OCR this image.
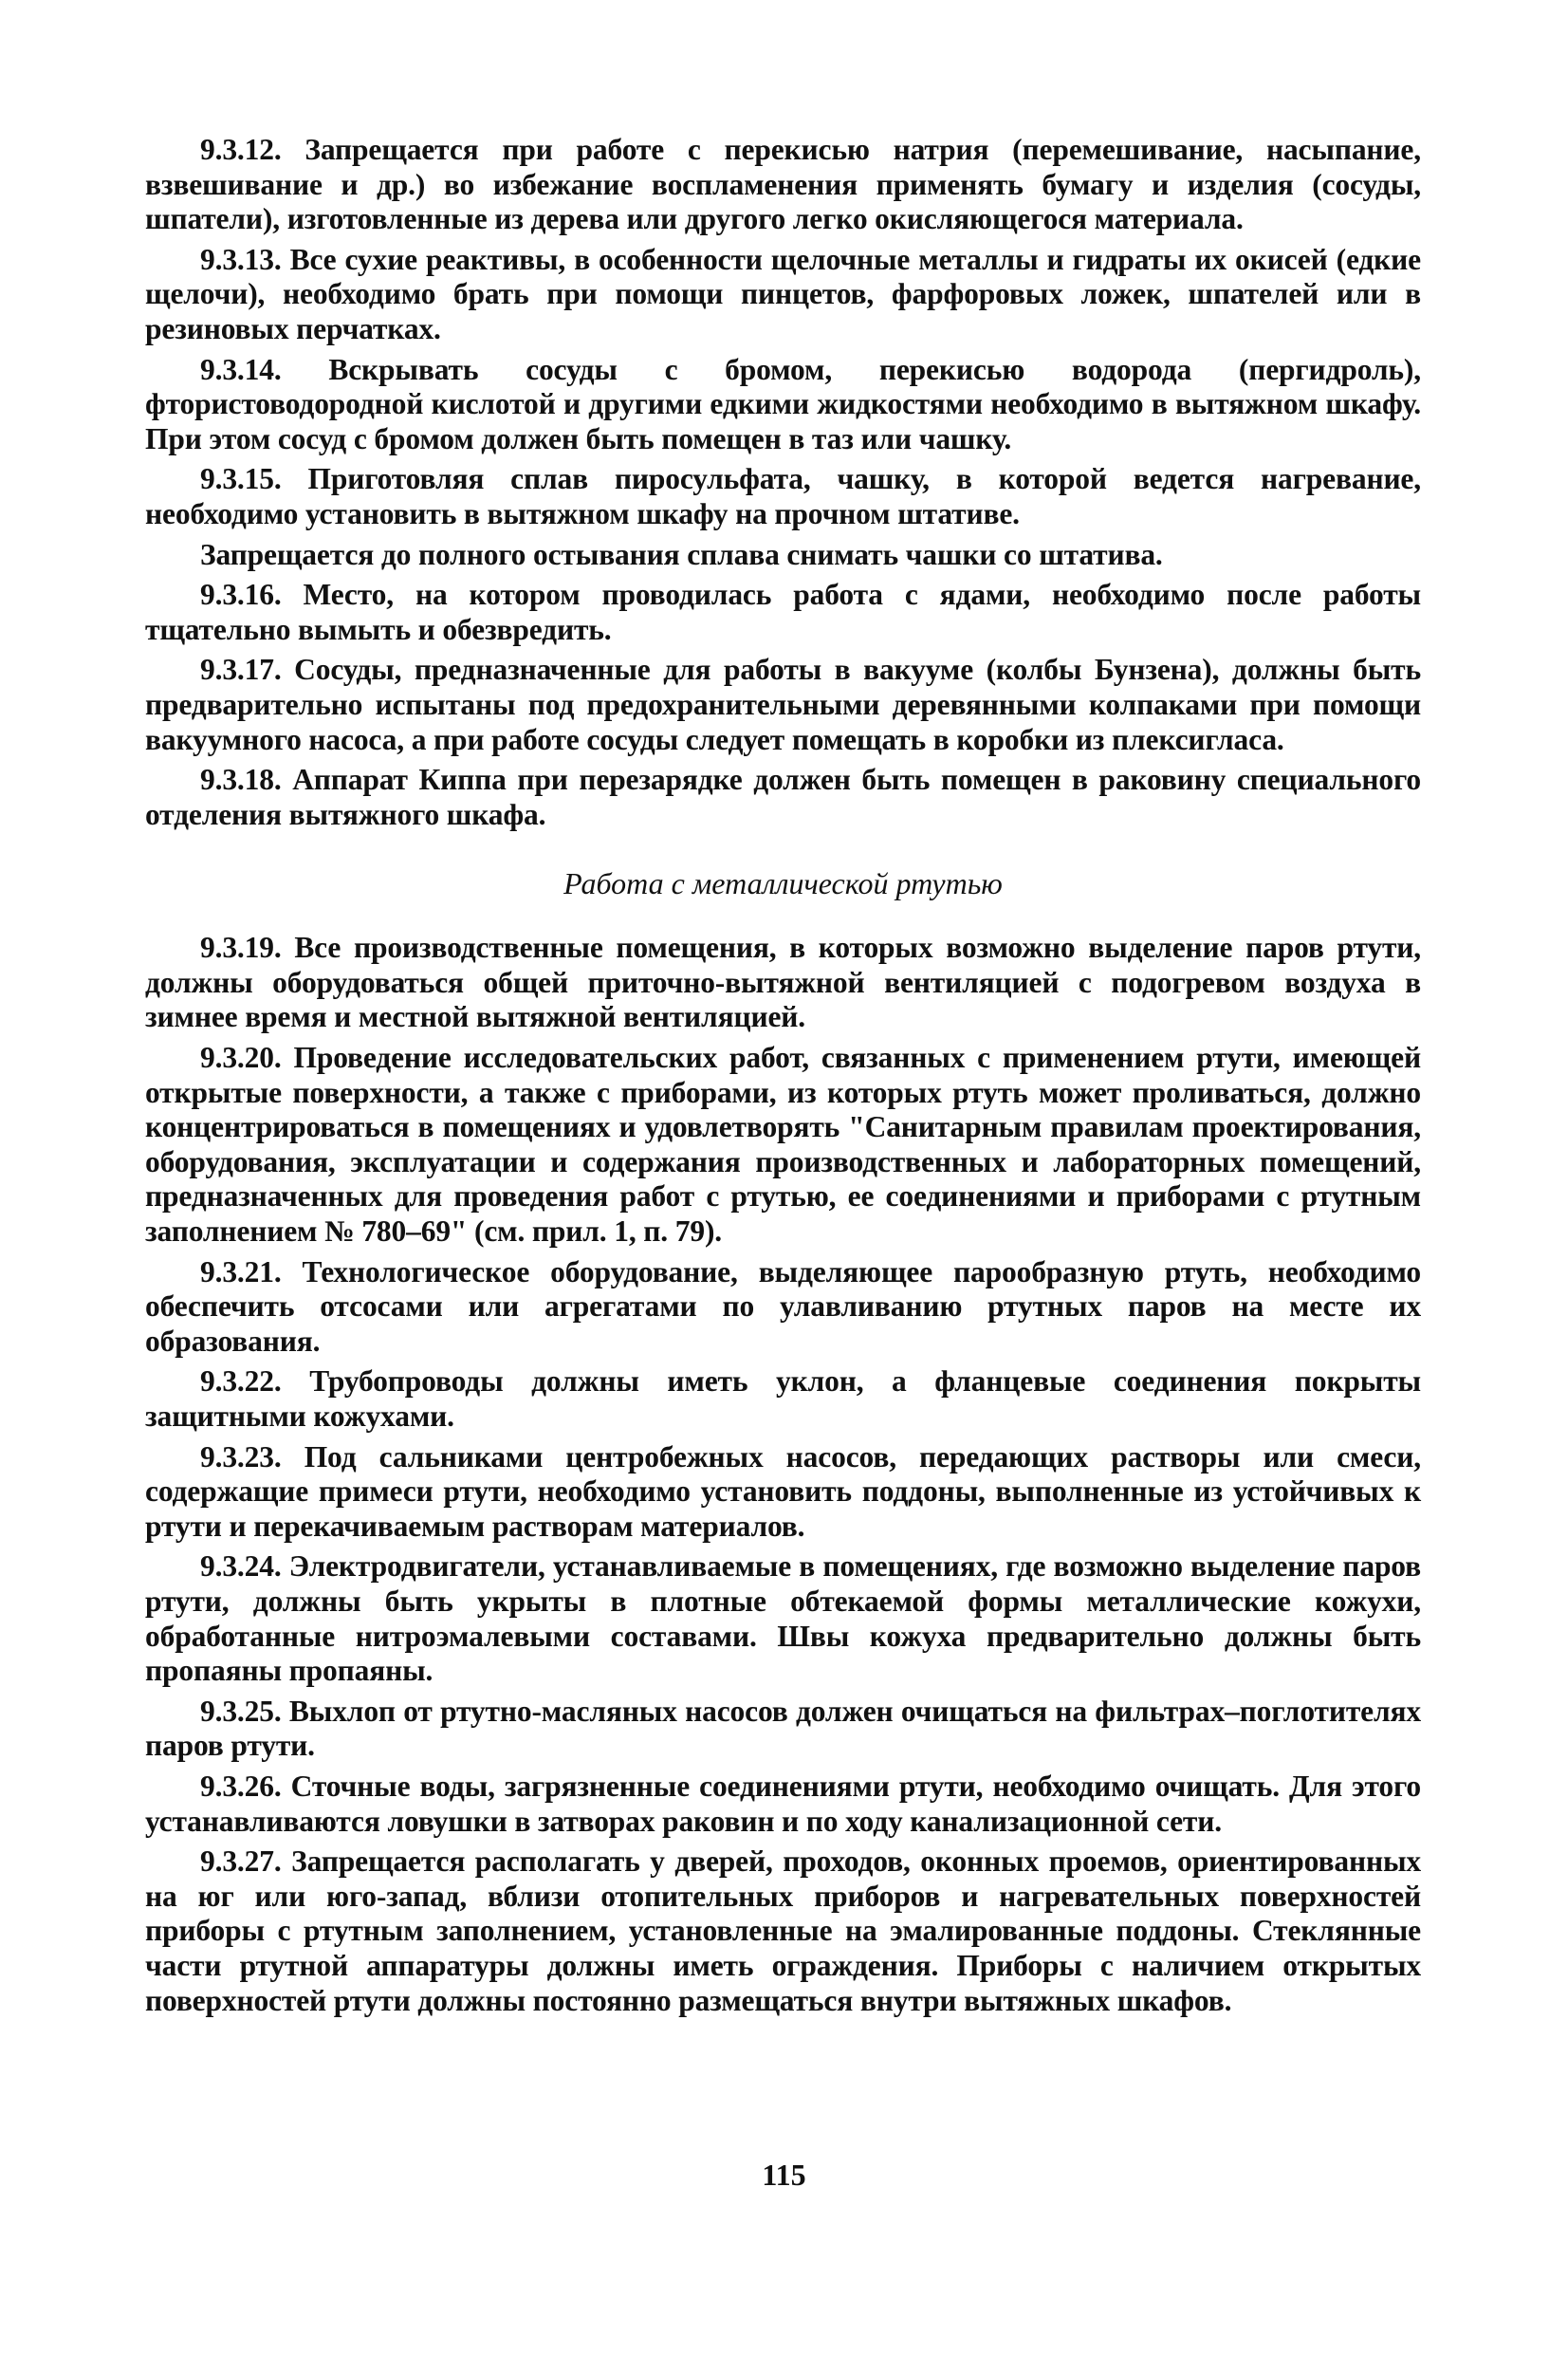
9.3.12. Запрещается при работе с перекисью натрия (перемешивание, насыпание, взвешивание и др.) во избежание воспламенения применять бумагу и изделия (сосуды, шпатели), изготовленные из дерева или другого легко окисляющегося материала.

9.3.13. Все сухие реактивы, в особенности щелочные металлы и гидраты их окисей (едкие щелочи), необходимо брать при помощи пинцетов, фарфоровых ложек, шпателей или в резиновых перчатках.

9.3.14. Вскрывать сосуды с бромом, перекисью водорода (пергидроль), фтористоводородной кислотой и другими едкими жидкостями необходимо в вытяжном шкафу. При этом сосуд с бромом должен быть помещен в таз или чашку.

9.3.15. Приготовляя сплав пиросульфата, чашку, в которой ведется нагревание, необходимо установить в вытяжном шкафу на прочном штативе.

Запрещается до полного остывания сплава снимать чашки со штатива.

9.3.16. Место, на котором проводилась работа с ядами, необходимо после работы тщательно вымыть и обезвредить.

9.3.17. Сосуды, предназначенные для работы в вакууме (колбы Бунзена), должны быть предварительно испытаны под предохранительными деревянными колпаками при помощи вакуумного насоса, а при работе сосуды следует помещать в коробки из плексигласа.

9.3.18. Аппарат Киппа при перезарядке должен быть помещен в раковину специального отделения вытяжного шкафа.

Работа с металлической ртутью

9.3.19. Все производственные помещения, в которых возможно выделение паров ртути, должны оборудоваться общей приточно-вытяжной вентиляцией с подогревом воздуха в зимнее время и местной вытяжной вентиляцией.

9.3.20. Проведение исследовательских работ, связанных с применением ртути, имеющей открытые поверхности, а также с приборами, из которых ртуть может проливаться, должно концентрироваться в помещениях и удовлетворять "Санитарным правилам проектирования, оборудования, эксплуатации и содержания производственных и лабораторных помещений, предназначенных для проведения работ с ртутью, ее соединениями и приборами с ртутным заполнением № 780–69" (см. прил. 1, п. 79).

9.3.21. Технологическое оборудование, выделяющее парообразную ртуть, необходимо обеспечить отсосами или агрегатами по улавливанию ртутных паров на месте их образования.

9.3.22. Трубопроводы должны иметь уклон, а фланцевые соединения покрыты защитными кожухами.

9.3.23. Под сальниками центробежных насосов, передающих растворы или смеси, содержащие примеси ртути, необходимо установить поддоны, выполненные из устойчивых к ртути и перекачиваемым растворам материалов.

9.3.24. Электродвигатели, устанавливаемые в помещениях, где возможно выделение паров ртути, должны быть укрыты в плотные обтекаемой формы металлические кожухи, обработанные нитроэмалевыми составами. Швы кожуха предварительно должны быть пропаяны пропаяны.

9.3.25. Выхлоп от ртутно-масляных насосов должен очищаться на фильтрах–поглотителях паров ртути.

9.3.26. Сточные воды, загрязненные соединениями ртути, необходимо очищать. Для этого устанавливаются ловушки в затворах раковин и по ходу канализационной сети.

9.3.27. Запрещается располагать у дверей, проходов, оконных проемов, ориентированных на юг или юго-запад, вблизи отопительных приборов и нагревательных поверхностей приборы с ртутным заполнением, установленные на эмалированные поддоны. Стеклянные части ртутной аппаратуры должны иметь ограждения. Приборы с наличием открытых поверхностей ртути должны постоянно размещаться внутри вытяжных шкафов.

115
